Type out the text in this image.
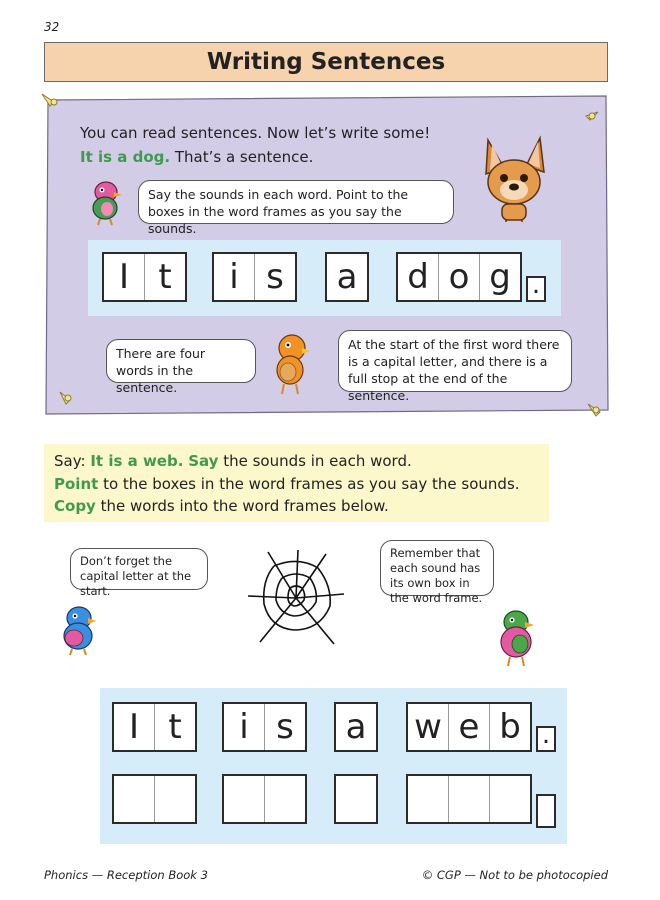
32
Writing Sentences
You can read sentences. Now let’s write some!
It is a dog. That’s a sentence.
Say the sounds in each word. Point to the boxes in the word frames as you say the sounds.
I t	i s	a d o g .
There are four words in the sentence.
At the start of the first word there is a capital letter, and there is a full stop at the end of the sentence.
Say: It is a web. Say the sounds in each word.
Point to the boxes in the word frames as you say the sounds.
Copy the words into the word frames below.
Don’t forget the capital letter at the start.
Remember that each sound has its own box in the word frame.
I t	i s	a w e b .
Phonics — Reception Book 3	© CGP — Not to be photocopied
